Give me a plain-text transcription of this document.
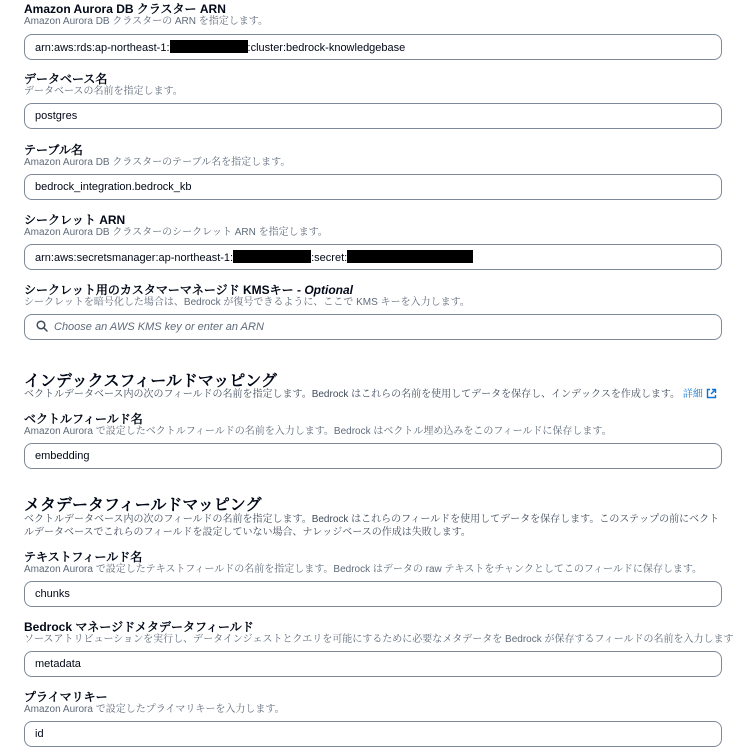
Amazon Aurora DB クラスター ARN
Amazon Aurora DB クラスターの ARN を指定します。
arn:aws:rds:ap-northeast-1:	:cluster:bedrock-knowledgebase
データベース名
データベースの名前を指定します。
postgres
テーブル名
Amazon Aurora DB クラスターのテーブル名を指定します。
bedrock_integration.bedrock_kb
シークレット ARN
Amazon Aurora DB クラスターのシークレット ARN を指定します。
arn:aws:secretsmanager:ap-northeast-1:	:secret:
シークレット用のカスタマーマネージド KMSキー - Optional
シークレットを暗号化した場合は、Bedrock が復号できるように、ここで KMS キーを入力します。
Choose an AWS KMS key or enter an ARN
インデックスフィールドマッピング
ベクトルデータベース内の次のフィールドの名前を指定します。Bedrock はこれらの名前を使用してデータを保存し、インデックスを作成します。 詳細
ベクトルフィールド名
Amazon Aurora で設定したベクトルフィールドの名前を入力します。Bedrock はベクトル埋め込みをこのフィールドに保存します。
embedding
メタデータフィールドマッピング
ベクトルデータベース内の次のフィールドの名前を指定します。Bedrock はこれらのフィールドを使用してデータを保存します。このステップの前にベクトルデータベースでこれらのフィールドを設定していない場合、ナレッジベースの作成は失敗します。
テキストフィールド名
Amazon Aurora で設定したテキストフィールドの名前を指定します。Bedrock はデータの raw テキストをチャンクとしてこのフィールドに保存します。
chunks
Bedrock マネージドメタデータフィールド
ソースアトリビューションを実行し、データインジェストとクエリを可能にするために必要なメタデータを Bedrock が保存するフィールドの名前を入力します
metadata
プライマリキー
Amazon Aurora で設定したプライマリキーを入力します。
id
